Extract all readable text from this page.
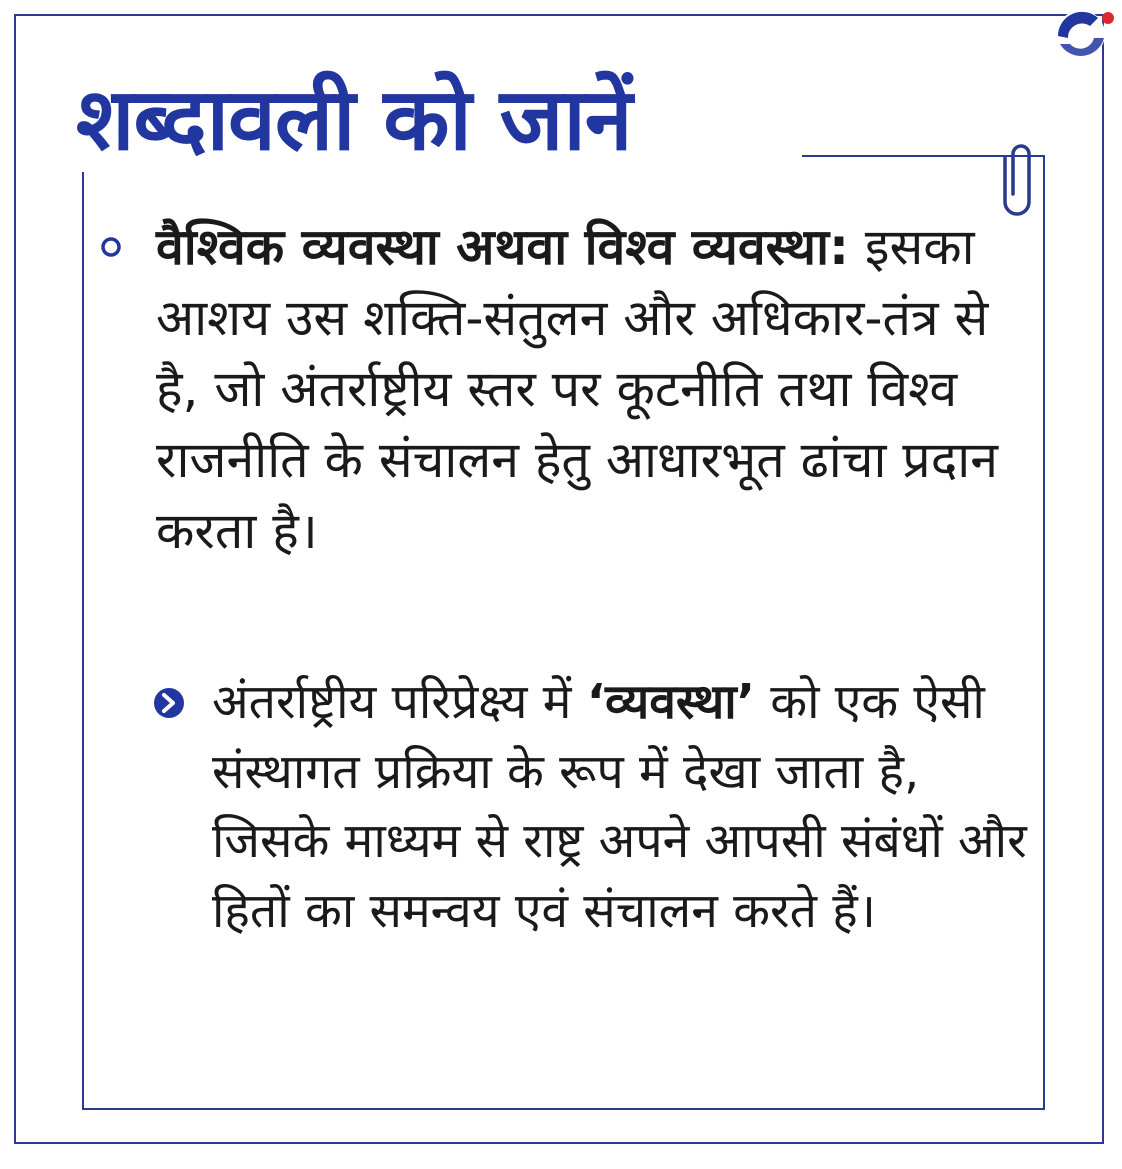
शब्दावली को जानें

वैश्विक व्यवस्था अथवा विश्व व्यवस्था: इसका आशय उस शक्ति-संतुलन और अधिकार-तंत्र से है, जो अंतर्राष्ट्रीय स्तर पर कूटनीति तथा विश्व राजनीति के संचालन हेतु आधारभूत ढांचा प्रदान करता है।

अंतर्राष्ट्रीय परिप्रेक्ष्य में ‘व्यवस्था’ को एक ऐसी संस्थागत प्रक्रिया के रूप में देखा जाता है, जिसके माध्यम से राष्ट्र अपने आपसी संबंधों और हितों का समन्वय एवं संचालन करते हैं।
